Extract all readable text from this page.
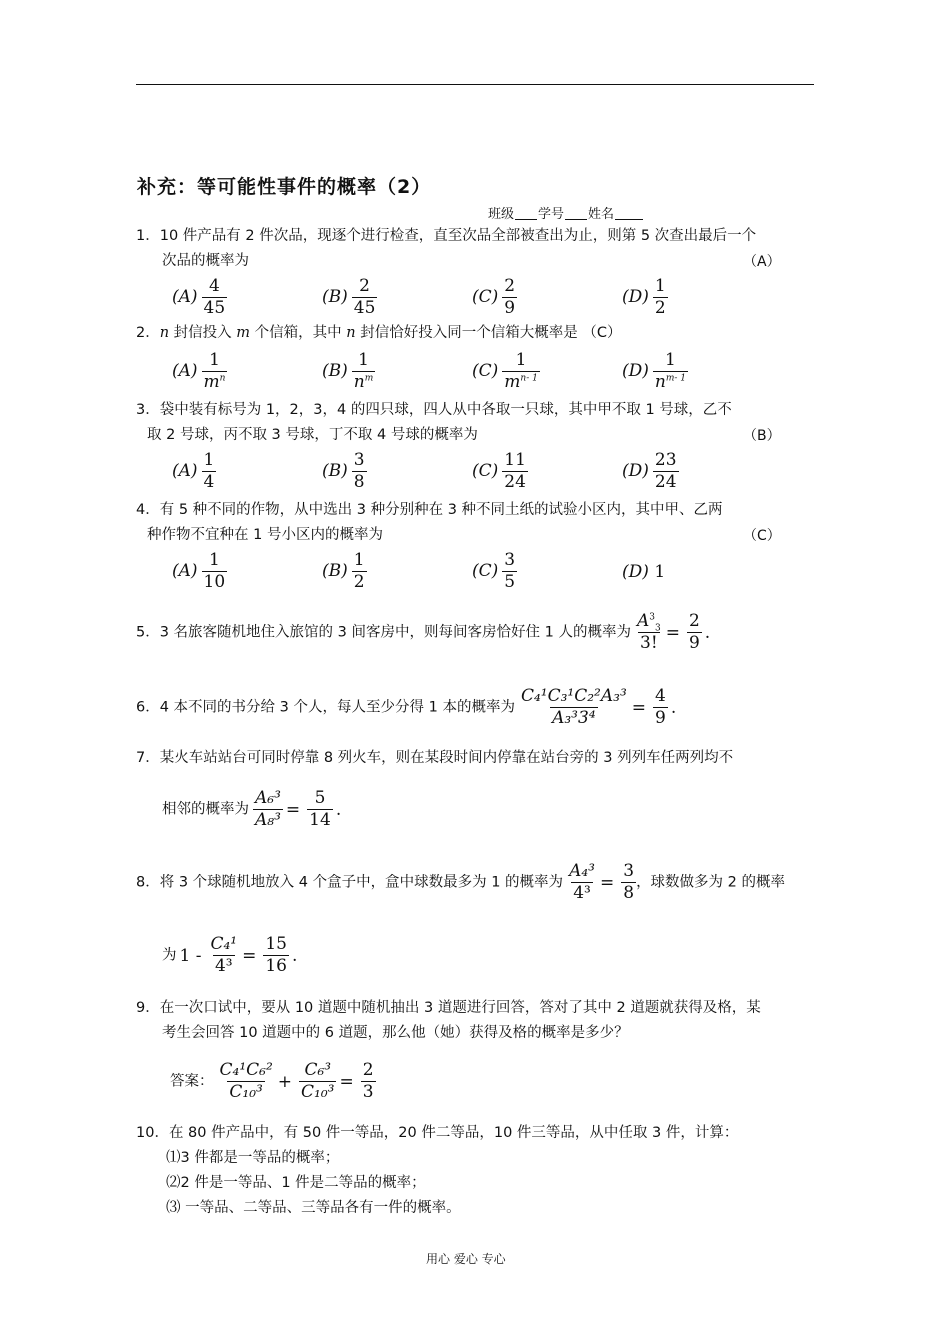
补充：等可能性事件的概率（2）
班级 学号 姓名
1．10 件产品有 2 件次品，现逐个进行检查，直至次品全部被查出为止，则第 5 次查出最后一个
次品的概率为	（A）
$(A) \frac{4}{45}$	$(B) \frac{2}{45}$	$(C) \frac{2}{9}$	$(D) \frac{1}{2}$
2．n 封信投入 m 个信箱，其中 n 封信恰好投入同一个信箱大概率是 （C）
$(A) \frac{1}{m^n}$	$(B) \frac{1}{n^m}$	$(C) \frac{1}{m^{n- 1}}$	$(D) \frac{1}{n^{m- 1}}$
3．袋中装有标号为 1，2，3，4 的四只球，四人从中各取一只球，其中甲不取 1 号球，乙不
取 2 号球，丙不取 3 号球，丁不取 4 号球的概率为	（B）
$(A) \frac{1}{4}$	$(B) \frac{3}{8}$	$(C) \frac{11}{24}$	$(D) \frac{23}{24}$
4．有 5 种不同的作物，从中选出 3 种分别种在 3 种不同土纸的试验小区内，其中甲、乙两
种作物不宜种在 1 号小区内的概率为	（C）
$(A) \frac{1}{10}$	$(B) \frac{1}{2}$	$(C) \frac{3}{5}$	(D) 1
5．3 名旅客随机地住入旅馆的 3 间客房中，则每间客房恰好住 1 人的概率为 $\frac{A^3_3}{3!} = \frac{2}{9}$ .
6．4 本不同的书分给 3 个人，每人至少分得 1 本的概率为 $\frac{\text{C₄¹C₃¹C₂²A₃³}}{\text{A₃³3⁴}} = \frac{4}{9}$ .
7．某火车站站台可同时停靠 8 列火车，则在某段时间内停靠在站台旁的 3 列列车任两列均不
相邻的概率为 $\frac{\text{A₆³}}{\text{A₈³}} = \frac{5}{14}$ .
8．将 3 个球随机地放入 4 个盒子中，盒中球数最多为 1 的概率为 $\frac{\text{A₄³}}{\text{4³}} = \frac{3}{8}$ ，球数做多为 2 的概率
为 $1 - \frac{\text{C₄¹}}{\text{4³}} = \frac{15}{16}$ .
9．在一次口试中，要从 10 道题中随机抽出 3 道题进行回答，答对了其中 2 道题就获得及格，某
考生会回答 10 道题中的 6 道题，那么他（她）获得及格的概率是多少？
答案： $\frac{\text{C₄¹C₆²}}{\text{C₁₀³}} + \frac{\text{C₆³}}{\text{C₁₀³}} = \frac{2}{3}$
10．在 80 件产品中，有 50 件一等品，20 件二等品，10 件三等品，从中任取 3 件，计算：
⑴3 件都是一等品的概率；
⑵2 件是一等品、1 件是二等品的概率；
⑶ 一等品、二等品、三等品各有一件的概率。
用心 爱心 专心
